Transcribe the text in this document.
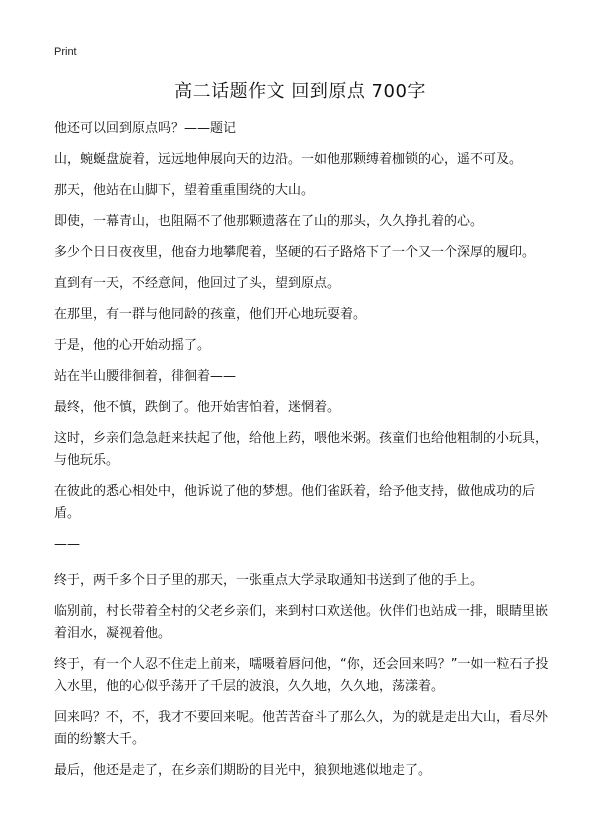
Print
高二话题作文 回到原点 700字

他还可以回到原点吗？——题记

山，蜿蜒盘旋着，远远地伸展向天的边沿。一如他那颗缚着枷锁的心，遥不可及。

那天，他站在山脚下，望着重重围绕的大山。

即使，一幕青山，也阻隔不了他那颗遗落在了山的那头，久久挣扎着的心。

多少个日日夜夜里，他奋力地攀爬着，坚硬的石子路烙下了一个又一个深厚的履印。

直到有一天，不经意间，他回过了头，望到原点。

在那里，有一群与他同龄的孩童，他们开心地玩耍着。

于是，他的心开始动摇了。

站在半山腰徘徊着，徘徊着——

最终，他不慎，跌倒了。他开始害怕着，迷惘着。

这时，乡亲们急急赶来扶起了他，给他上药，喂他米粥。孩童们也给他粗制的小玩具，与他玩乐。

在彼此的悉心相处中，他诉说了他的梦想。他们雀跃着，给予他支持，做他成功的后盾。

——

终于，两千多个日子里的那天，一张重点大学录取通知书送到了他的手上。

临别前，村长带着全村的父老乡亲们，来到村口欢送他。伙伴们也站成一排，眼睛里嵌着泪水，凝视着他。

终于，有一个人忍不住走上前来，嚅嗫着唇问他，“你，还会回来吗？”一如一粒石子投入水里，他的心似乎荡开了千层的波浪，久久地，久久地，荡漾着。

回来吗？不，不，我才不要回来呢。他苦苦奋斗了那么久，为的就是走出大山，看尽外面的纷繁大千。

最后，他还是走了，在乡亲们期盼的目光中，狼狈地逃似地走了。
